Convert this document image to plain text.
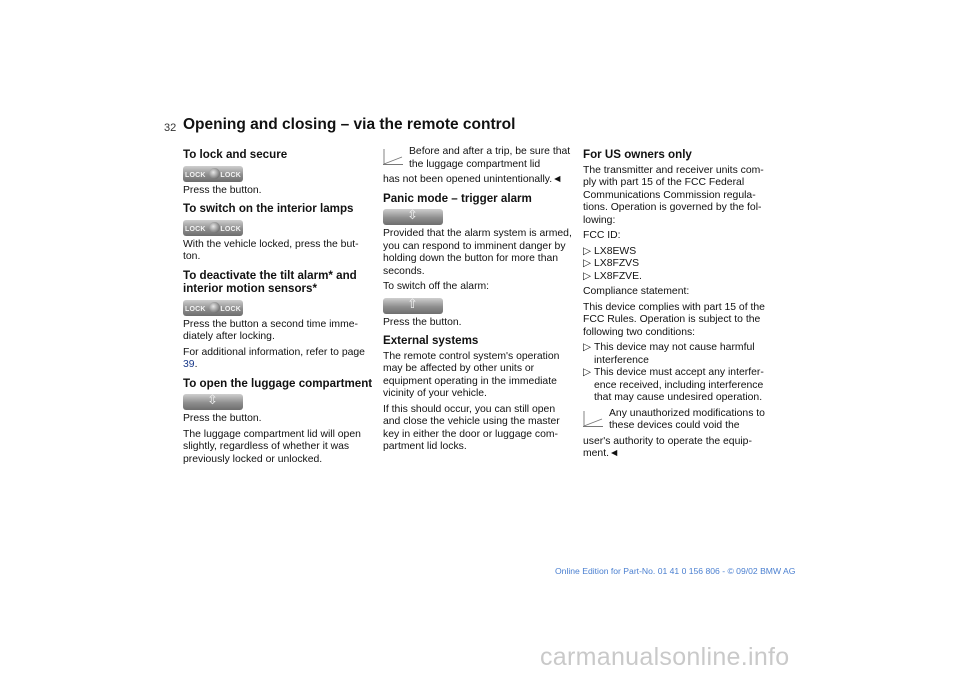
32 Opening and closing – via the remote control
To lock and secure
LOCK LOCK

Press the button.

To switch on the interior lamps
LOCK LOCK

With the vehicle locked, press the but-ton.

To deactivate the tilt alarm* and interior motion sensors*
LOCK LOCK

Press the button a second time imme-diately after locking.

For additional information, refer to page 39.

To open the luggage compartment
⇳

Press the button.

The luggage compartment lid will open slightly, regardless of whether it was previously locked or unlocked.

Before and after a trip, be sure that the luggage compartment lid

has not been opened unintentionally.◄

Panic mode – trigger alarm
⇳

Provided that the alarm system is armed, you can respond to imminent danger by holding down the button for more than seconds.

To switch off the alarm:

⇧

Press the button.

External systems

The remote control system's operation may be affected by other units or equipment operating in the immediate vicinity of your vehicle.

If this should occur, you can still open and close the vehicle using the master key in either the door or luggage com-partment lid locks.

For US owners only

The transmitter and receiver units com-ply with part 15 of the FCC Federal Communications Commission regula-tions. Operation is governed by the fol-lowing:

FCC ID:

▷ LX8EWS
▷ LX8FZVS
▷ LX8FZVE.

Compliance statement:

This device complies with part 15 of the FCC Rules. Operation is subject to the following two conditions:

▷ This device may not cause harmful interference
▷ This device must accept any interfer-ence received, including interference that may cause undesired operation.

Any unauthorized modifications to these devices could void the

user's authority to operate the equip-ment.◄

Online Edition for Part-No. 01 41 0 156 806 - © 09/02 BMW AG
carmanualsonline.info
